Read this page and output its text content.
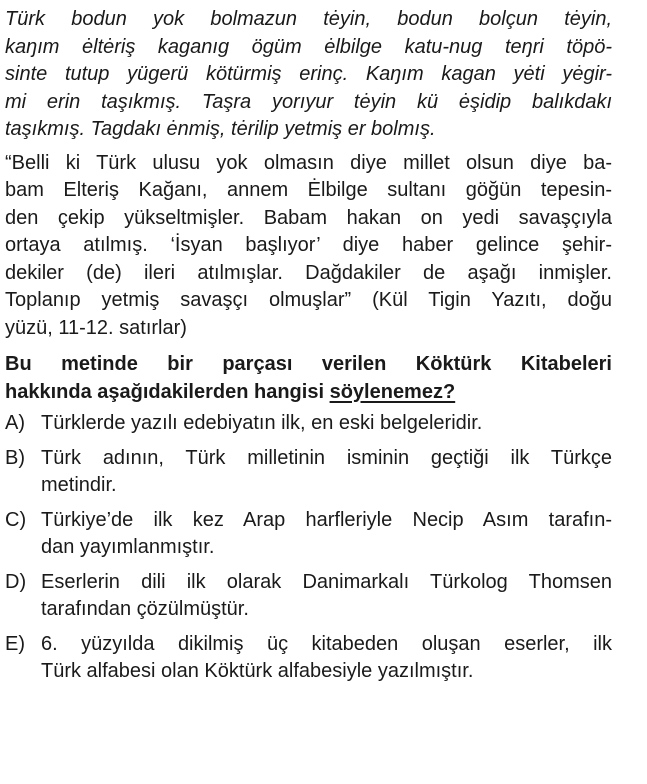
Türk bodun yok bolmazun tėyin, bodun bolçun tėyin,
kaŋım ėltėriş kaganıg ögüm ėlbilge katu-nug teŋri töpö-
sinte tutup yügerü kötürmiş erinç. Kaŋım kagan yėti yėgir-
mi erin taşıkmış. Taşra yorıyur tėyin kü ėşidip balıkdakı
taşıkmış. Tagdakı ėnmiş, tėrilip yetmiş er bolmış.
“Belli ki Türk ulusu yok olmasın diye millet olsun diye ba-
bam Elteriş Kağanı, annem Ėlbilge sultanı göğün tepesin-
den çekip yükseltmişler. Babam hakan on yedi savaşçıyla
ortaya atılmış. ‘İsyan başlıyor’ diye haber gelince şehir-
dekiler (de) ileri atılmışlar. Dağdakiler de aşağı inmişler.
Toplanıp yetmiş savaşçı olmuşlar” (Kül Tigin Yazıtı, doğu
yüzü, 11-12. satırlar)
Bu metinde bir parçası verilen Köktürk Kitabeleri
hakkında aşağıdakilerden hangisi söylenemez?
A) Türklerde yazılı edebiyatın ilk, en eski belgeleridir.
B) Türk adının, Türk milletinin isminin geçtiği ilk Türkçe
metindir.
C) Türkiye’de ilk kez Arap harfleriyle Necip Asım tarafın-
dan yayımlanmıştır.
D) Eserlerin dili ilk olarak Danimarkalı Türkolog Thomsen
tarafından çözülmüştür.
E) 6. yüzyılda dikilmiş üç kitabeden oluşan eserler, ilk
Türk alfabesi olan Köktürk alfabesiyle yazılmıştır.
